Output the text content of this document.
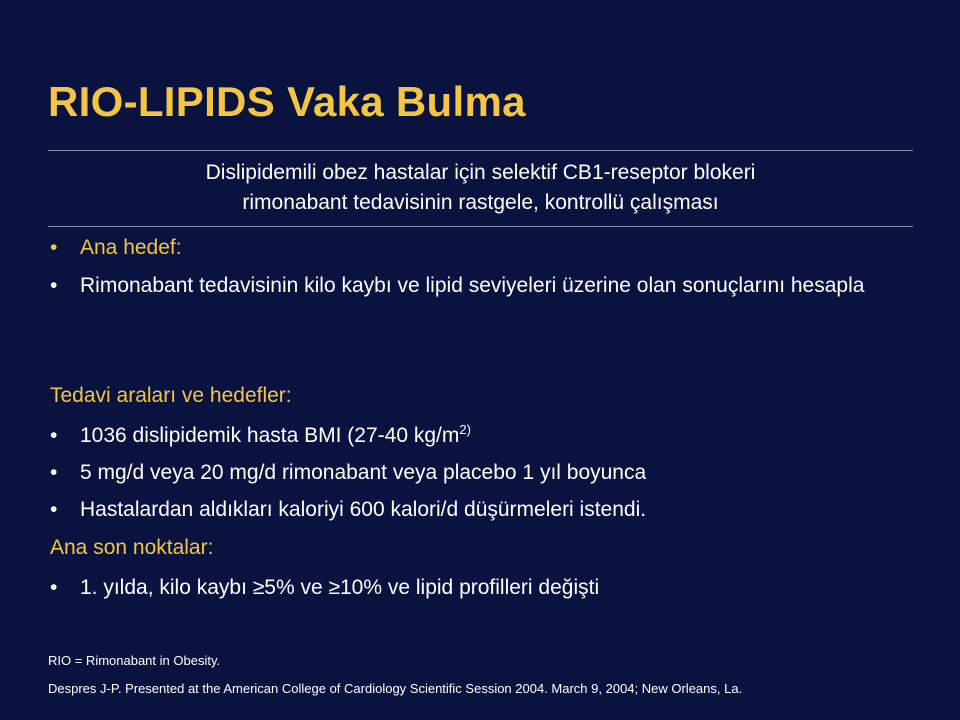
RIO-LIPIDS Vaka Bulma
Dislipidemili obez hastalar için selektif CB1-reseptor blokeri
rimonabant tedavisinin rastgele, kontrollü çalışması
• Ana hedef:
• Rimonabant tedavisinin kilo kaybı ve lipid seviyeleri üzerine olan sonuçlarını hesapla
Tedavi araları ve hedefler:
• 1036 dislipidemik hasta BMI (27-40 $kg/m^{2)}$
• 5 mg/d veya 20 mg/d rimonabant veya placebo 1 yıl boyunca
• Hastalardan aldıkları kaloriyi 600 kalori/d düşürmeleri istendi.
Ana son noktalar:
• 1. yılda, kilo kaybı ≥5% ve ≥10% ve lipid profilleri değişti
RIO = Rimonabant in Obesity.
Despres J-P. Presented at the American College of Cardiology Scientific Session 2004. March 9, 2004; New Orleans, La.
